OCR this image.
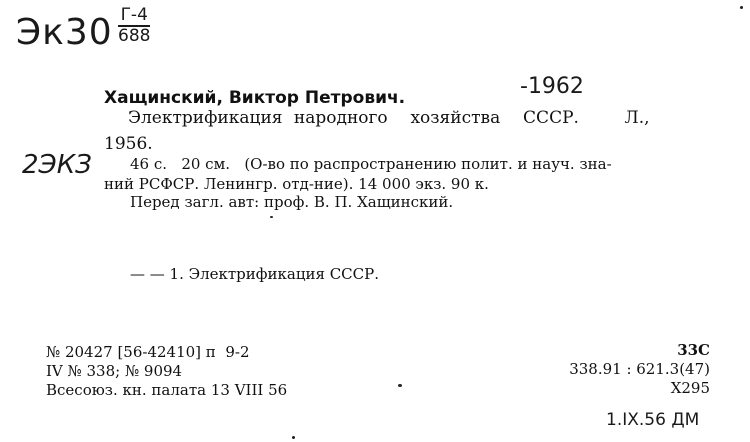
Эк30 Г-4
688
-1962
2ЭКЗ
1.IX.56 ДМ
Хащинский, Виктор Петрович.
Электрификация народного  хозяйства  СССР.    Л.,
1956.
46 с.   20 см.   (О-во по распространению полит. и науч. зна-
ний РСФСР. Ленингр. отд-ние). 14 000 экз. 90 к.
Перед загл. авт: проф. В. П. Хащинский.
— — 1. Электрификация СССР.
№ 20427 [56-42410] п  9-2
IV № 338; № 9094
Всесоюз. кн. палата 13 VIII 56
33С
338.91 : 621.3(47)
Х295
